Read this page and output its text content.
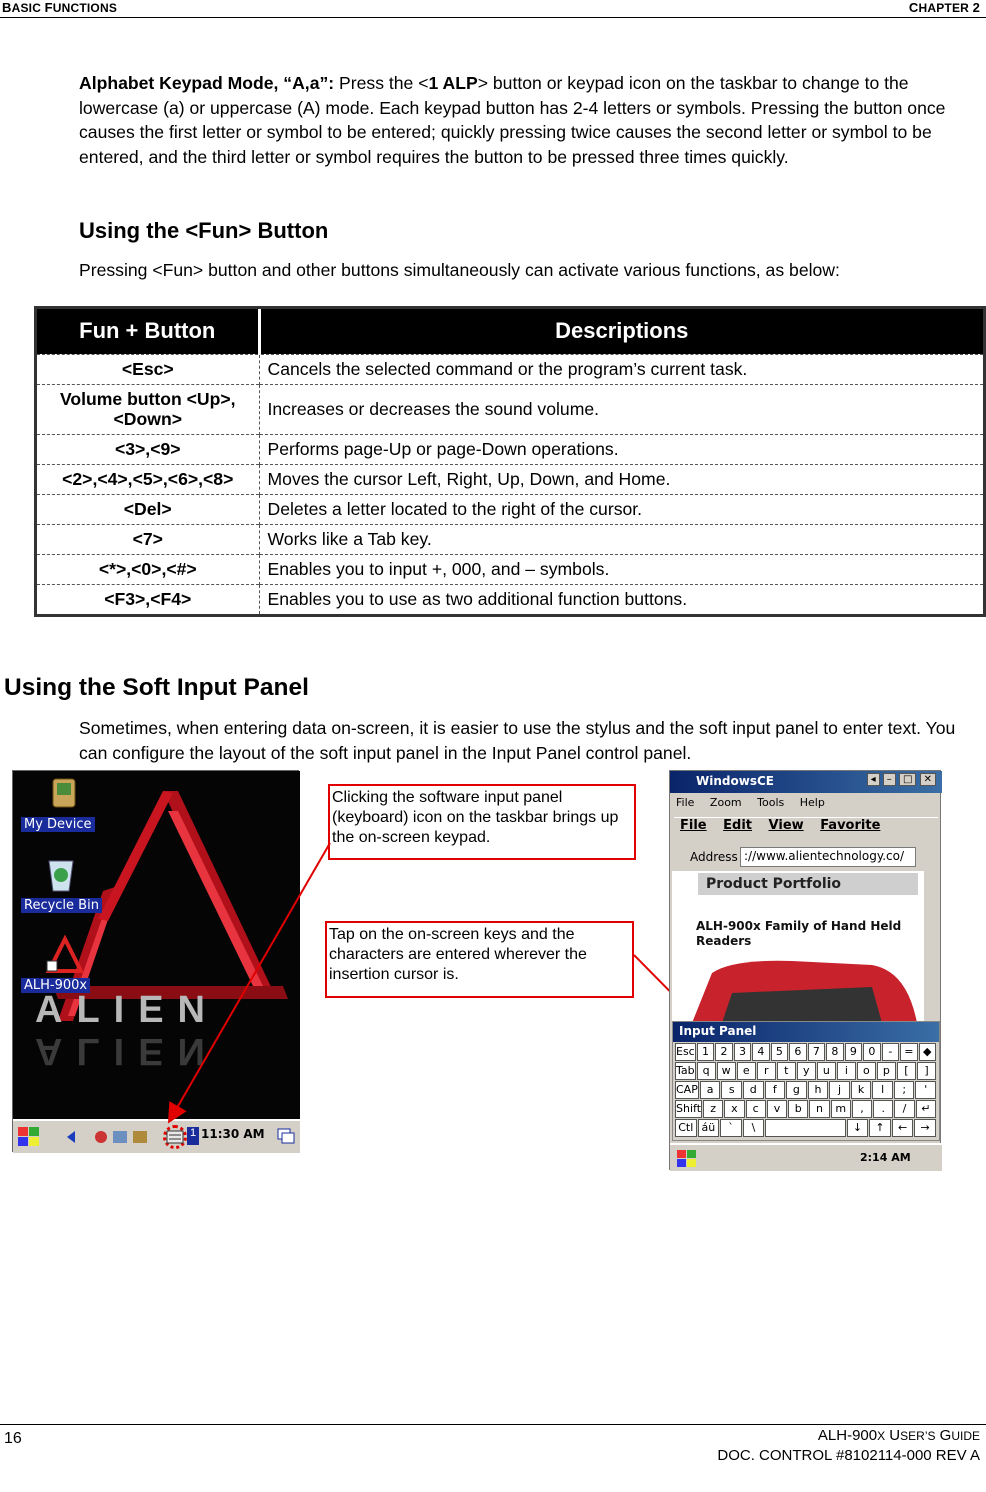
BASIC FUNCTIONS	CHAPTER 2
Alphabet Keypad Mode, “A,a”: Press the <1 ALP> button or keypad icon on the taskbar to change to the lowercase (a) or uppercase (A) mode. Each keypad button has 2-4 letters or symbols. Pressing the button once causes the first letter or symbol to be entered; quickly pressing twice causes the second letter or symbol to be entered, and the third letter or symbol requires the button to be pressed three times quickly.
Using the <Fun> Button
Pressing <Fun> button and other buttons simultaneously can activate various functions, as below:
Fun + Button	Descriptions
<Esc>	Cancels the selected command or the program’s current task.
Volume button <Up>, <Down>	Increases or decreases the sound volume.
<3>,<9>	Performs page-Up or page-Down operations.
<2>,<4>,<5>,<6>,<8>	Moves the cursor Left, Right, Up, Down, and Home.
<Del>	Deletes a letter located to the right of the cursor.
<7>	Works like a Tab key.
<*>,<0>,<#>	Enables you to input +, 000, and – symbols.
<F3>,<F4>	Enables you to use as two additional function buttons.
Using the Soft Input Panel
Sometimes, when entering data on-screen, it is easier to use the stylus and the soft input panel to enter text. You can configure the layout of the soft input panel in the Input Panel control panel.
My Device
Recycle Bin
ALH-900x
ALIEN
ALIEN
1 11:30 AM
Clicking the software input panel (keyboard) icon on the taskbar brings up the on-screen keypad.
Tap on the on-screen keys and the characters are entered wherever the insertion cursor is.
WindowsCE	◂ – □ ✕
File Zoom Tools Help
File Edit View Favorite
Address ://www.alientechnology.co/
Product Portfolio
ALH-900x Family of Hand Held Readers
Input Panel
Esc 1	2	3	4	5	6	7	8	9	0	-	= ◆
Tab q	w	e	r	t	y	u	i	o	p	[	]
CAP a	s	d	f	g	h	j	k	l	;	'
Shift z	x	c	v	b	n	m	,	.	/	↵
Ctl áü	`	\	↓	↑	←	→
2:14 AM
16	ALH-900X USER’S GUIDE
DOC. CONTROL #8102114-000 REV A
